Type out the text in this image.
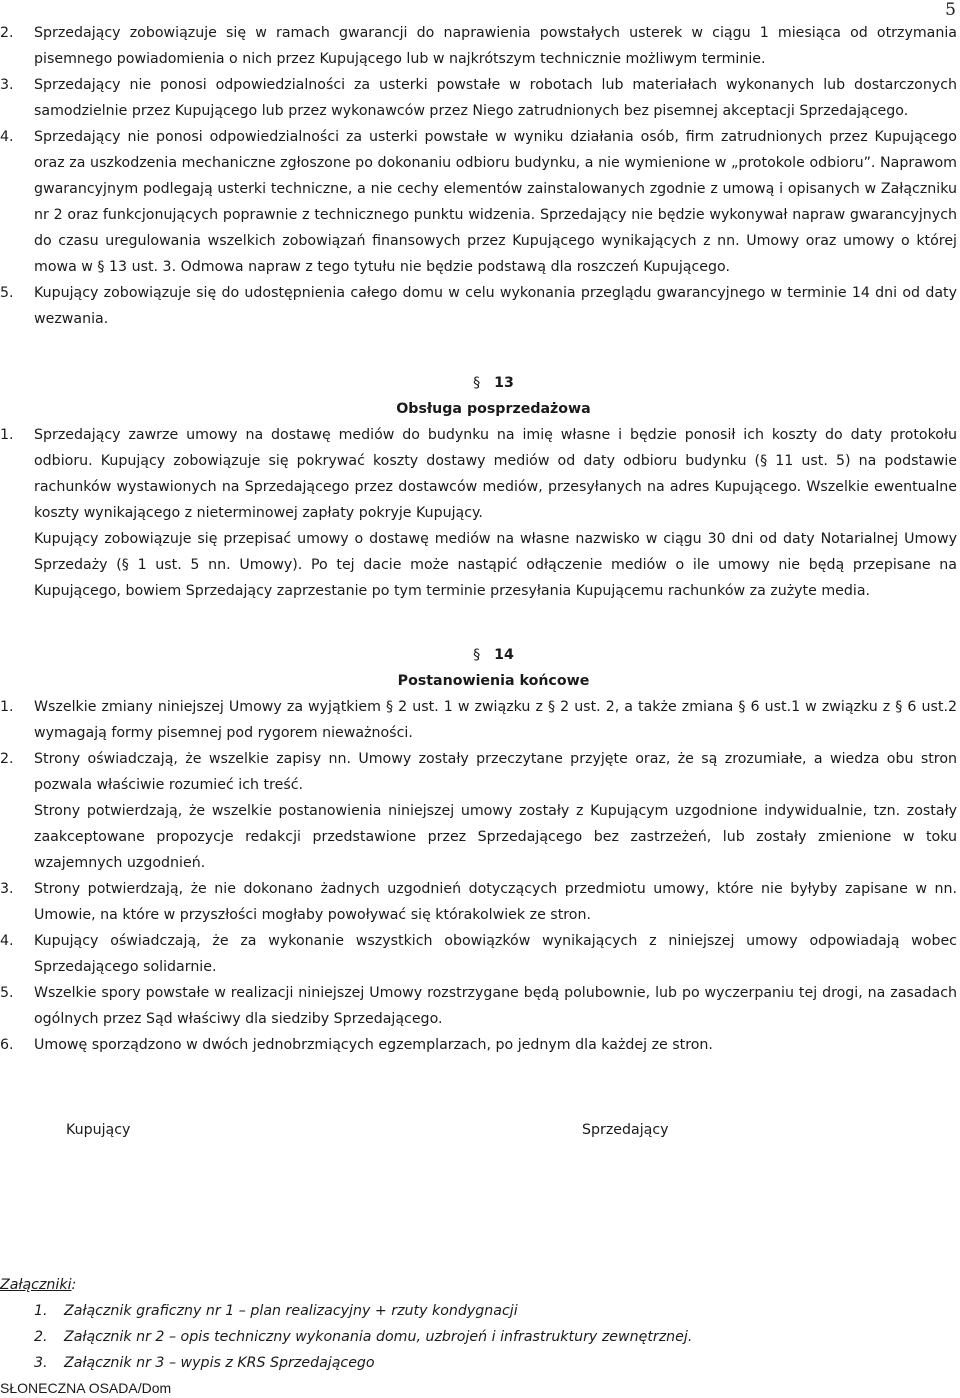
5
2.	Sprzedający zobowiązuje się w ramach gwarancji do naprawienia powstałych usterek w ciągu 1 miesiąca od otrzymania pisemnego powiadomienia o nich przez Kupującego lub w najkrótszym technicznie możliwym terminie.
3.	Sprzedający nie ponosi odpowiedzialności za usterki powstałe w robotach lub materiałach wykonanych lub dostarczonych samodzielnie przez Kupującego lub przez wykonawców przez Niego zatrudnionych bez pisemnej akceptacji Sprzedającego.
4.	Sprzedający nie ponosi odpowiedzialności za usterki powstałe w wyniku działania osób, firm zatrudnionych przez Kupującego oraz za uszkodzenia mechaniczne zgłoszone po dokonaniu odbioru budynku, a nie wymienione w „protokole odbioru”. Naprawom gwarancyjnym podlegają usterki techniczne, a nie cechy elementów zainstalowanych zgodnie z umową i opisanych w Załączniku nr 2 oraz funkcjonujących poprawnie z technicznego punktu widzenia. Sprzedający nie będzie wykonywał napraw gwarancyjnych do czasu uregulowania wszelkich zobowiązań finansowych przez Kupującego wynikających z nn. Umowy oraz umowy o której mowa w § 13 ust. 3. Odmowa napraw z tego tytułu nie będzie podstawą dla roszczeń Kupującego.
5.	Kupujący zobowiązuje się do udostępnienia całego domu w celu wykonania przeglądu gwarancyjnego w terminie 14 dni od daty wezwania.
§ 13
Obsługa posprzedażowa
1.	Sprzedający zawrze umowy na dostawę mediów do budynku na imię własne i będzie ponosił ich koszty do daty protokołu odbioru. Kupujący zobowiązuje się pokrywać koszty dostawy mediów od daty odbioru budynku (§ 11 ust. 5) na podstawie rachunków wystawionych na Sprzedającego przez dostawców mediów, przesyłanych na adres Kupującego. Wszelkie ewentualne koszty wynikającego z nieterminowej zapłaty pokryje Kupujący.
Kupujący zobowiązuje się przepisać umowy o dostawę mediów na własne nazwisko w ciągu 30 dni od daty Notarialnej Umowy Sprzedaży (§ 1 ust. 5 nn. Umowy). Po tej dacie może nastąpić odłączenie mediów o ile umowy nie będą przepisane na Kupującego, bowiem Sprzedający zaprzestanie po tym terminie przesyłania Kupującemu rachunków za zużyte media.
§ 14
Postanowienia końcowe
1.	Wszelkie zmiany niniejszej Umowy za wyjątkiem § 2 ust. 1 w związku z § 2 ust. 2, a także zmiana § 6 ust.1 w związku z § 6 ust.2 wymagają formy pisemnej pod rygorem nieważności.
2.	Strony oświadczają, że wszelkie zapisy nn. Umowy zostały przeczytane przyjęte oraz, że są zrozumiałe, a wiedza obu stron pozwala właściwie rozumieć ich treść.
Strony potwierdzają, że wszelkie postanowienia niniejszej umowy zostały z Kupującym uzgodnione indywidualnie, tzn. zostały zaakceptowane propozycje redakcji przedstawione przez Sprzedającego bez zastrzeżeń, lub zostały zmienione w toku wzajemnych uzgodnień.
3.	Strony potwierdzają, że nie dokonano żadnych uzgodnień dotyczących przedmiotu umowy, które nie byłyby zapisane w nn. Umowie, na które w przyszłości mogłaby powoływać się którakolwiek ze stron.
4.	Kupujący oświadczają, że za wykonanie wszystkich obowiązków wynikających z niniejszej umowy odpowiadają wobec Sprzedającego solidarnie.
5.	Wszelkie spory powstałe w realizacji niniejszej Umowy rozstrzygane będą polubownie, lub po wyczerpaniu tej drogi, na zasadach ogólnych przez Sąd właściwy dla siedziby Sprzedającego.
6.	Umowę sporządzono w dwóch jednobrzmiących egzemplarzach, po jednym dla każdej ze stron.
Kupujący	Sprzedający
Załączniki:
1. Załącznik graficzny nr 1 – plan realizacyjny + rzuty kondygnacji
2. Załącznik nr 2 – opis techniczny wykonania domu, uzbrojeń i infrastruktury zewnętrznej.
3. Załącznik nr 3 – wypis z KRS Sprzedającego
SŁONECZNA OSADA/Dom
